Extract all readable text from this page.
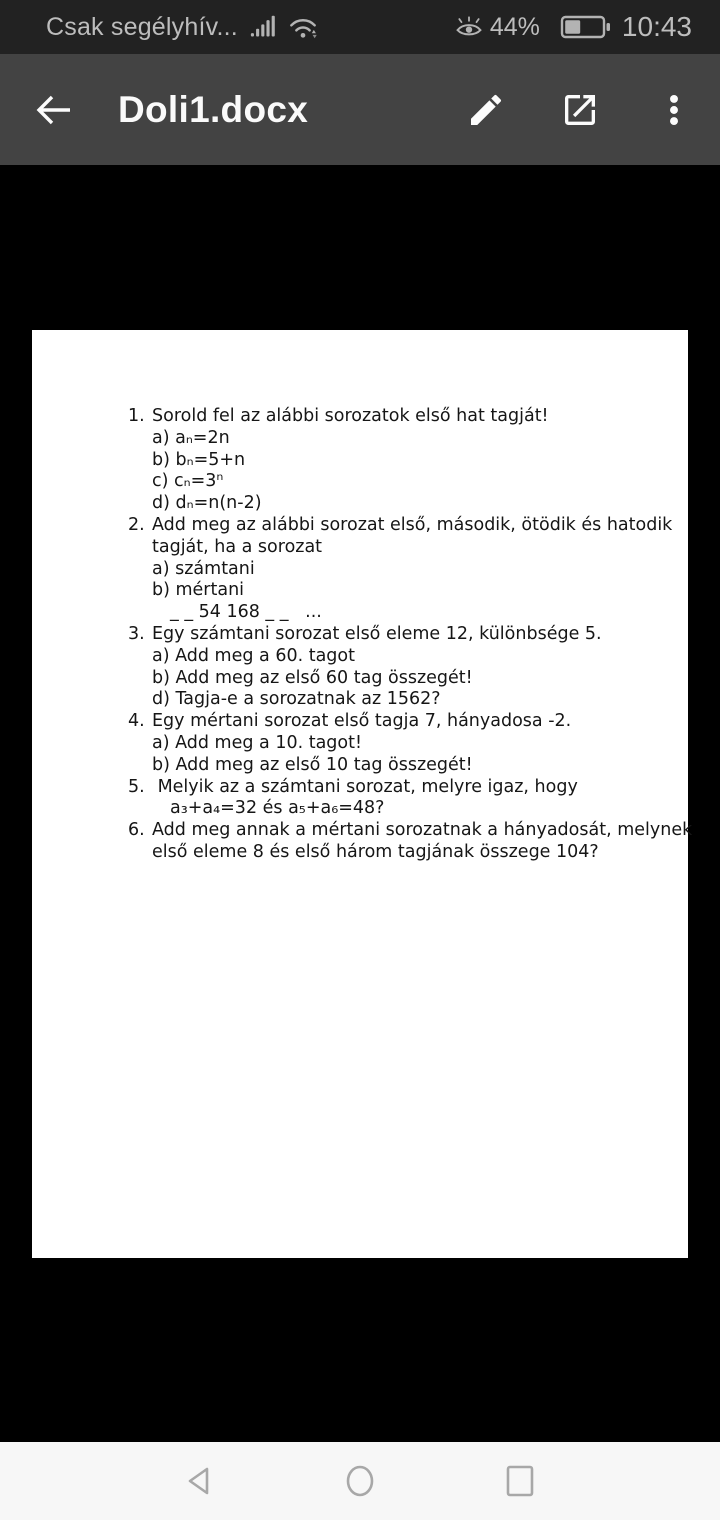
Csak segélyhív...	44%	10:43
Doli1.docx
1. Sorold fel az alábbi sorozatok első hat tagját!
a) aₙ=2n
b) bₙ=5+n
c) cₙ=3ⁿ
d) dₙ=n(n-2)
2. Add meg az alábbi sorozat első, második, ötödik és hatodik
tagját, ha a sorozat
a) számtani
b) mértani
_ _ 54 168 _ _   ...
3. Egy számtani sorozat első eleme 12, különbsége 5.
a) Add meg a 60. tagot
b) Add meg az első 60 tag összegét!
d) Tagja-e a sorozatnak az 1562?
4. Egy mértani sorozat első tagja 7, hányadosa -2.
a) Add meg a 10. tagot!
b) Add meg az első 10 tag összegét!
5. Melyik az a számtani sorozat, melyre igaz, hogy
a₃+a₄=32 és a₅+a₆=48?
6. Add meg annak a mértani sorozatnak a hányadosát, melynek
első eleme 8 és első három tagjának összege 104?
